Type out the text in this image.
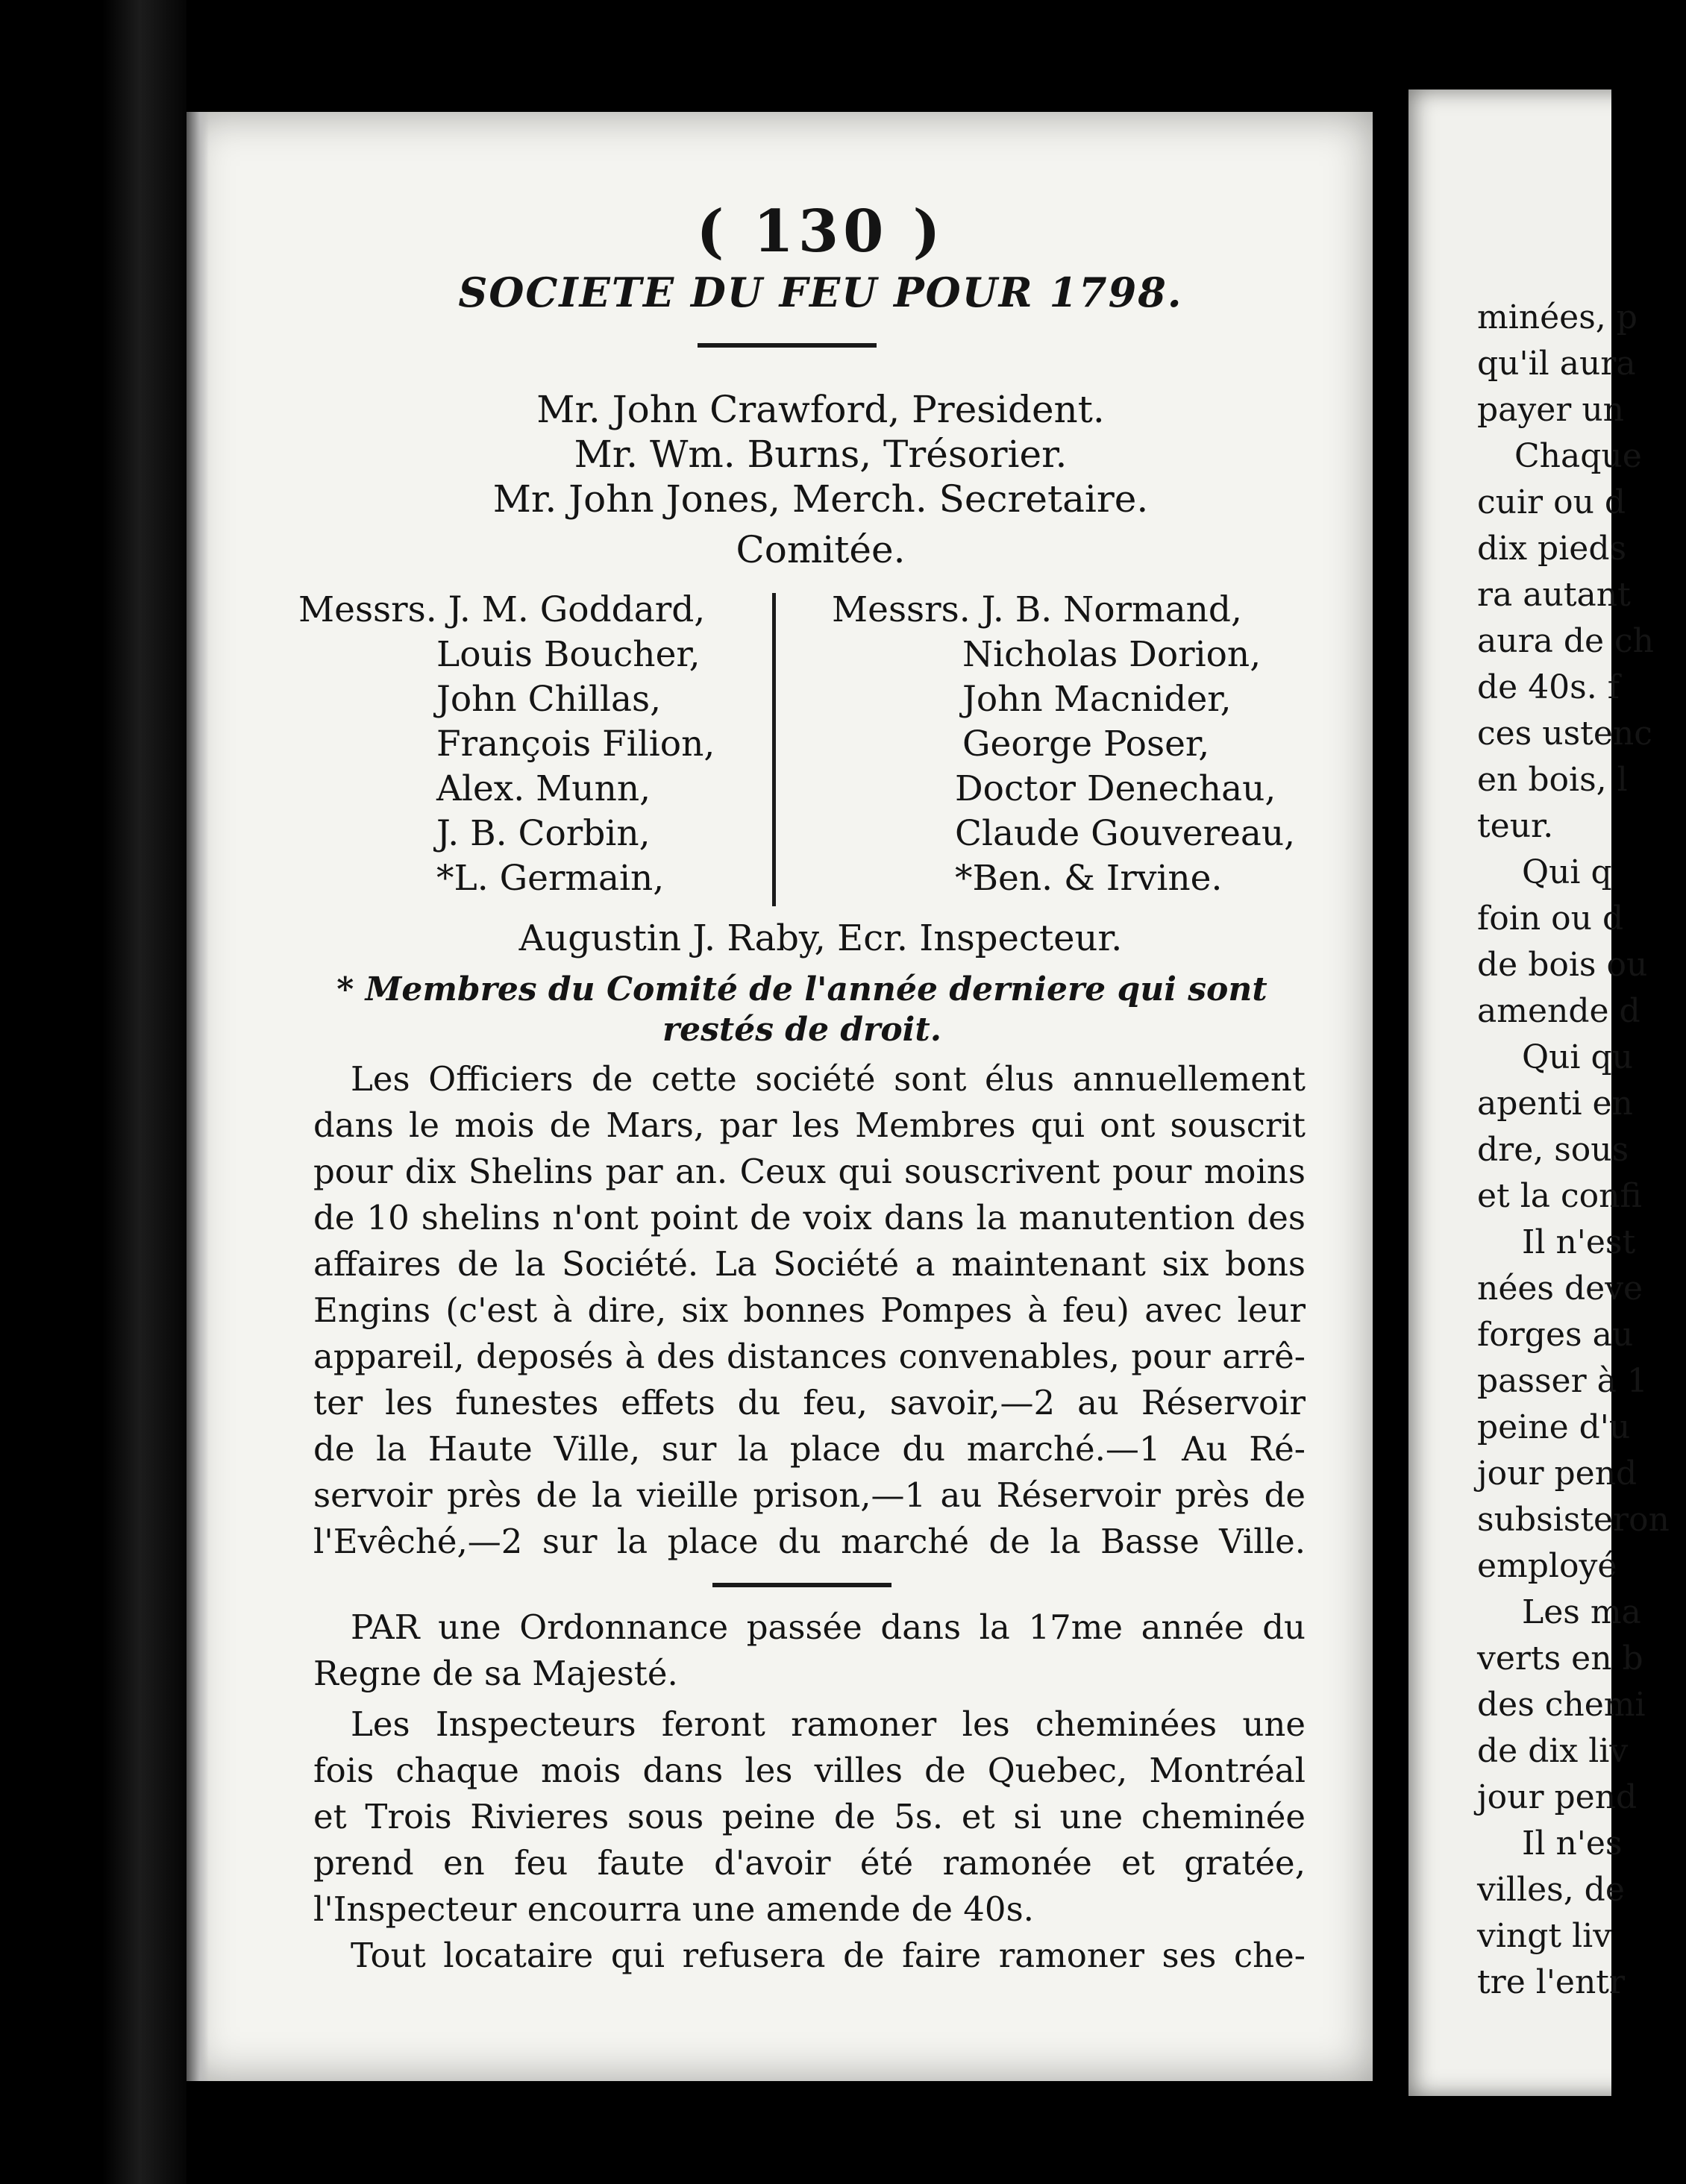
( 130 )
SOCIETE DU FEU POUR 1798.
Mr. John Crawford, President.
Mr. Wm. Burns, Trésorier.
Mr. John Jones, Merch. Secretaire.
Comitée.
Messrs. J. M. Goddard,
Louis Boucher,
John Chillas,
François Filion,
Alex. Munn,
J. B. Corbin,
*L. Germain,
Messrs. J. B. Normand,
Nicholas Dorion,
John Macnider,
George Poser,
Doctor Denechau,
Claude Gouvereau,
*Ben. & Irvine.
Augustin J. Raby, Ecr. Inspecteur.
* Membres du Comité de l'année derniere qui sont restés de droit.
Les Officiers de cette société sont élus annuellement
dans le mois de Mars, par les Membres qui ont souscrit
pour dix Shelins par an. Ceux qui souscrivent pour moins
de 10 shelins n'ont point de voix dans la manutention des
affaires de la Société. La Société a maintenant six bons
Engins (c'est à dire, six bonnes Pompes à feu) avec leur
appareil, deposés à des distances convenables, pour arrê-
ter les funestes effets du feu, savoir,—2 au Réservoir
de la Haute Ville, sur la place du marché.—1 Au Ré-
servoir près de la vieille prison,—1 au Réservoir près de
l'Evêché,—2 sur la place du marché de la Basse Ville.
PAR une Ordonnance passée dans la 17me année du
Regne de sa Majesté.
Les Inspecteurs feront ramoner les cheminées une
fois chaque mois dans les villes de Quebec, Montréal
et Trois Rivieres sous peine de 5s. et si une cheminée
prend en feu faute d'avoir été ramonée et gratée,
l'Inspecteur encourra une amende de 40s.
Tout locataire qui refusera de faire ramoner ses che-
minées, p
qu'il aura
payer un
Chaque
cuir ou d
dix pieds
ra autant
aura de ch
de 40s. f
ces ustenc
en bois, l
teur.
Qui q
foin ou d
de bois ou
amende d
Qui qu
apenti en
dre, sous
et la confi
Il n'est
nées deve
forges au
passer à 1
peine d'u
jour pend
subsisteron
employé
Les ma
verts en b
des chemi
de dix liv
jour pend
Il n'es
villes, de
vingt liv
tre l'entr
